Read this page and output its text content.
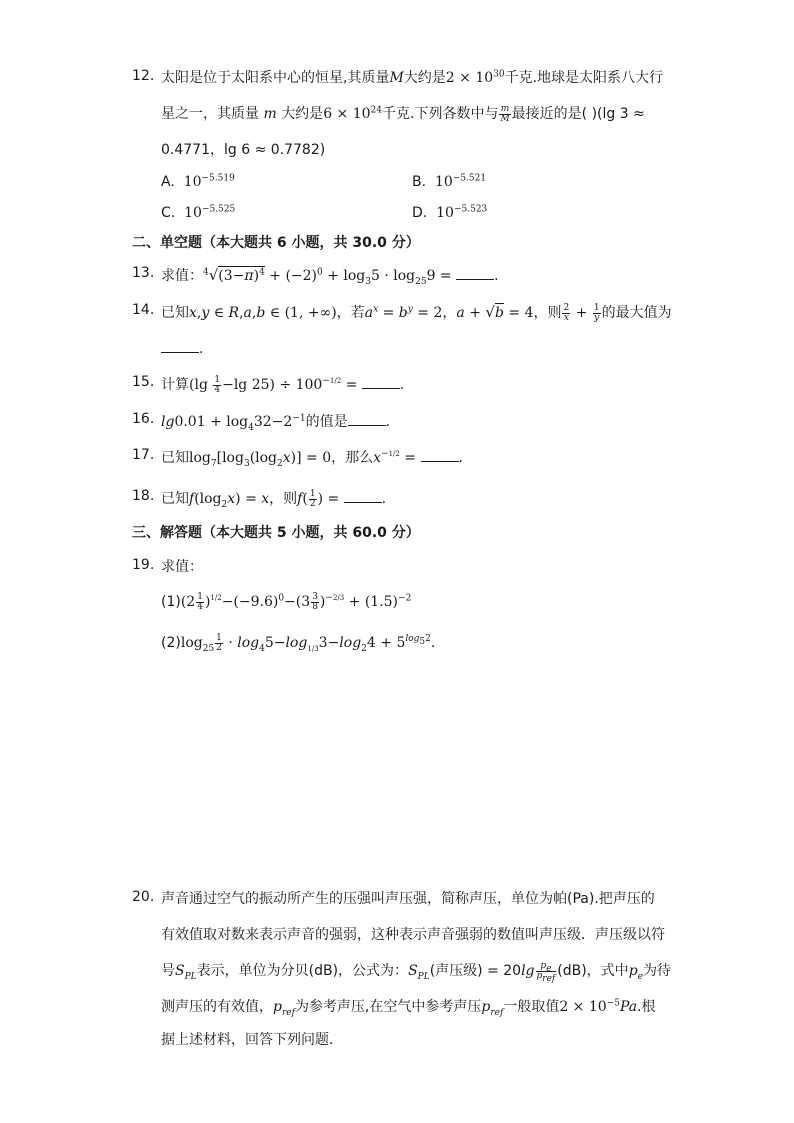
12. 太阳是位于太阳系中心的恒星,其质量M大约是$2 \times 10^{30}$千克.地球是太阳系八大行
星之一，其质量 m 大约是$6 \times 10^{24}$千克.下列各数中与 $\frac{m}{M}$ 最接近的是( )(lg 3 ≈
0.4771，lg 6 ≈ 0.7782)
A. $10^{-5.519}$	B. $10^{-5.521}$
C. $10^{-5.525}$	D. $10^{-5.523}$
二、单空题（本大题共 6 小题，共 30.0 分）
13. 求值：$^4√(3-\pi)^4 + (-2)^0 + \log_35 \cdot \log_{25}9$ =	.
14. 已知x,y ∈ R,a,b ∈ (1, +∞)，若$a^x = b^y = 2$，a + √b = 4，则 $\frac{2}{x} + \frac{1}{y}$ 的最大值为
.
15. 计算($\lg \frac{1}{4} -\lg$ $25) \div 100^{-1/2}$ =	.
16. $\lg 0.01 + \log_432-2^{-1}$的值是	.
17. 已知$\log_7[\log_3(\log_2x)] = 0$，那么$x^{-1/2}$ =	.
18. 已知$f(\log_2x) = x$，则$f( \frac{1}{2}$ ) =	.
三、解答题（本大题共 5 小题，共 60.0 分）
19. 求值：
$(1)(2 \frac{1}{4} )^{1/2}-(-9.6)^0-(3 \frac{3}{8} )^{-2/3} + (1.5)^{-2}$
$(2)\log_{25} \frac{1}{2} \cdot \log_45-\log_{1/3}3-\log_24 + 5^{log_52}$.
20. 声音通过空气的振动所产生的压强叫声压强，简称声压，单位为帕(Pa).把声压的
有效值取对数来表示声音的强弱，这种表示声音强弱的数值叫声压级．声压级以符
号$S_{PL}$表示，单位为分贝(dB)，公式为：$S_{PL}$(声压级) = $20\lg \frac{p_e}{p_{ref}} (dB)$，式中$p_e$为待
测声压的有效值，$p_{ref}$为参考声压,在空气中参考声压$p_{ref}$一般取值$2 \times 10^{-5}Pa$.根
据上述材料，回答下列问题．
